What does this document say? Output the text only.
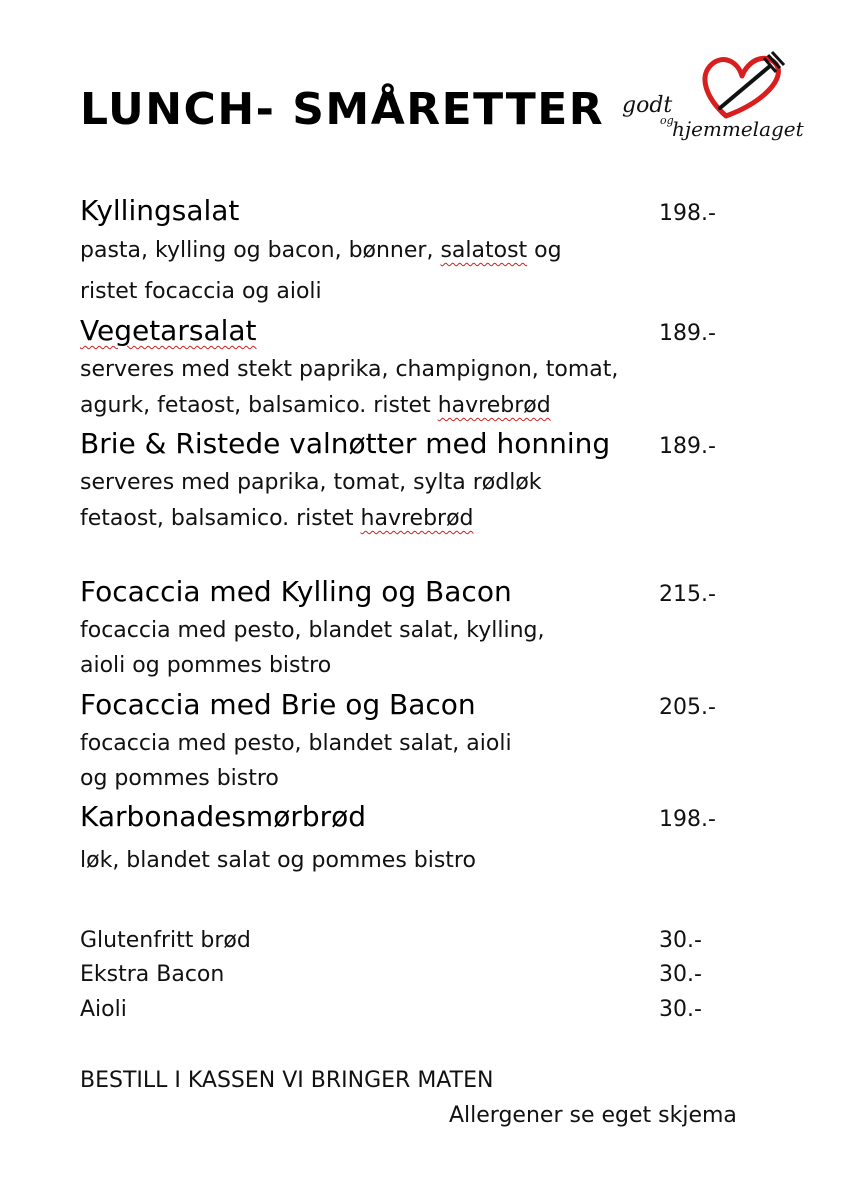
LUNCH- SMÅRETTER godt
og
hjemmelaget
Kyllingsalat	198.-
pasta, kylling og bacon, bønner, salatost og
ristet focaccia og aioli
Vegetarsalat	189.-
serveres med stekt paprika, champignon, tomat,
agurk, fetaost, balsamico. ristet havrebrød
Brie & Ristede valnøtter med honning 189.-
serveres med paprika, tomat, sylta rødløk
fetaost, balsamico. ristet havrebrød
Focaccia med Kylling og Bacon	215.-
focaccia med pesto, blandet salat, kylling,
aioli og pommes bistro
Focaccia med Brie og Bacon	205.-
focaccia med pesto, blandet salat, aioli
og pommes bistro
Karbonadesmørbrød	198.-
løk, blandet salat og pommes bistro
Glutenfritt brød	30.-
Ekstra Bacon	30.-
Aioli	30.-
BESTILL I KASSEN VI BRINGER MATEN
Allergener se eget skjema
